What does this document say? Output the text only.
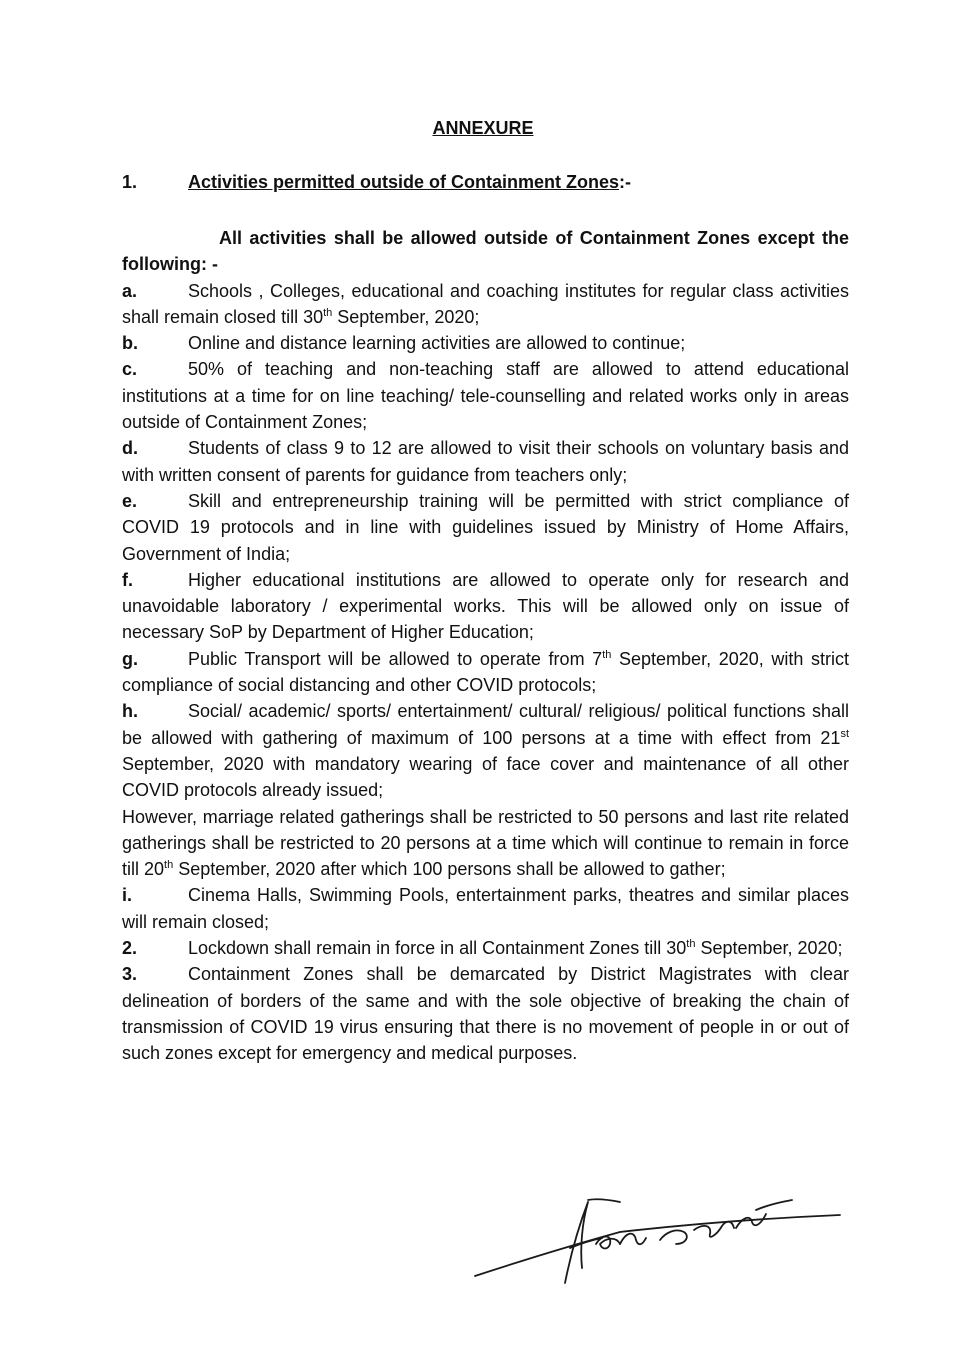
ANNEXURE
1.	Activities permitted outside of Containment Zones:-

All activities shall be allowed outside of Containment Zones except the following: -

a.	Schools , Colleges, educational and coaching institutes for regular class activities shall remain closed till 30th September, 2020;

b.	Online and distance learning activities are allowed to continue;

c.	50% of teaching and non-teaching staff are allowed to attend educational institutions at a time for on line teaching/ tele-counselling and related works only in areas outside of Containment Zones;

d.	Students of class 9 to 12 are allowed to visit their schools on voluntary basis and with written consent of parents for guidance from teachers only;

e.	Skill and entrepreneurship training will be permitted with strict compliance of COVID 19 protocols and in line with guidelines issued by Ministry of Home Affairs, Government of India;

f.	Higher educational institutions are allowed to operate only for research and unavoidable laboratory / experimental works. This will be allowed only on issue of necessary SoP by Department of Higher Education;

g.	Public Transport will be allowed to operate from 7th September, 2020, with strict compliance of social distancing and other COVID protocols;

h.	Social/ academic/ sports/ entertainment/ cultural/ religious/ political functions shall be allowed with gathering of maximum of 100 persons at a time with effect from 21st September, 2020 with mandatory wearing of face cover and maintenance of all other COVID protocols already issued;

However, marriage related gatherings shall be restricted to 50 persons and last rite related gatherings shall be restricted to 20 persons at a time which will continue to remain in force till 20th September, 2020 after which 100 persons shall be allowed to gather;

i.	Cinema Halls, Swimming Pools, entertainment parks, theatres and similar places will remain closed;

2.	Lockdown shall remain in force in all Containment Zones till 30th September, 2020;

3.	Containment Zones shall be demarcated by District Magistrates with clear delineation of borders of the same and with the sole objective of breaking the chain of transmission of COVID 19 virus ensuring that there is no movement of people in or out of such zones except for emergency and medical purposes.
